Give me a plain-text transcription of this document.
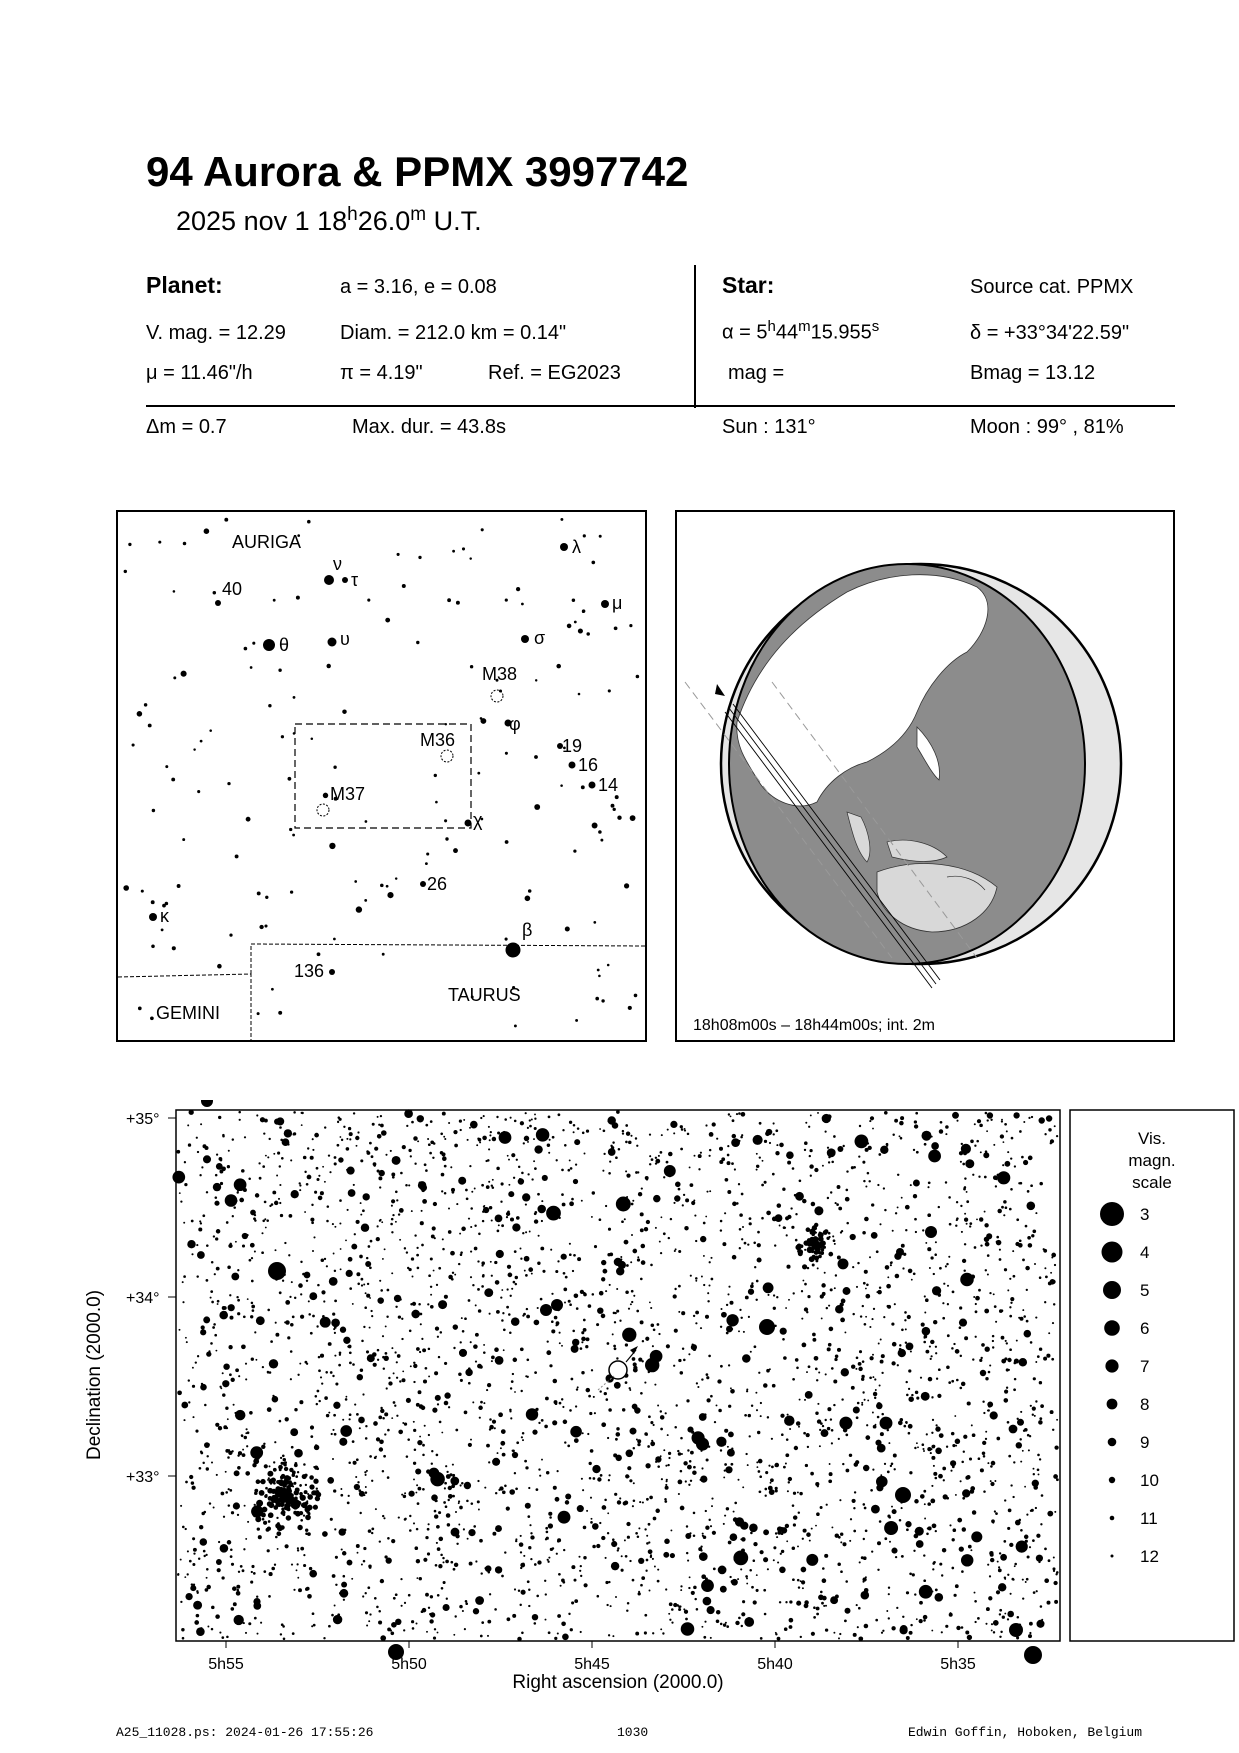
94 Aurora & PPMX 3997742
2025 nov 1 18$^h$26.0$^m$ U.T.
Planet:	a = 3.16, e = 0.08
V. mag. = 12.29	Diam. = 212.0 km = 0.14"
μ = 11.46"/h	π = 4.19"	Ref. = EG2023
Star:	Source cat. PPMX
$\alpha = 5^h44^m15.955^s$	δ = +33°34'22.59"
mag =	Bmag = 13.12
Δm = 0.7	Max. dur. = 43.8s	Sun : 131°	Moon : 99° , 81%
AURIGA
GEMINI
TAURUS
λ
μ
ν
τ
40
θ	υ	σ
φ
19
16
14
χ
26
κ
β
136
M38
M36
M37
18h08m00s – 18h44m00s; int. 2m
+35°
+34°
+33°
5h55	5h50	5h45	5h40	5h35
Right ascension (2000.0)
Declination (2000.0)
Vis.
magn.
scale
3
4
5
6
7
8
9
10
11
12
A25_11028.ps: 2024-01-26 17:55:26	1030	Edwin Goffin, Hoboken, Belgium
